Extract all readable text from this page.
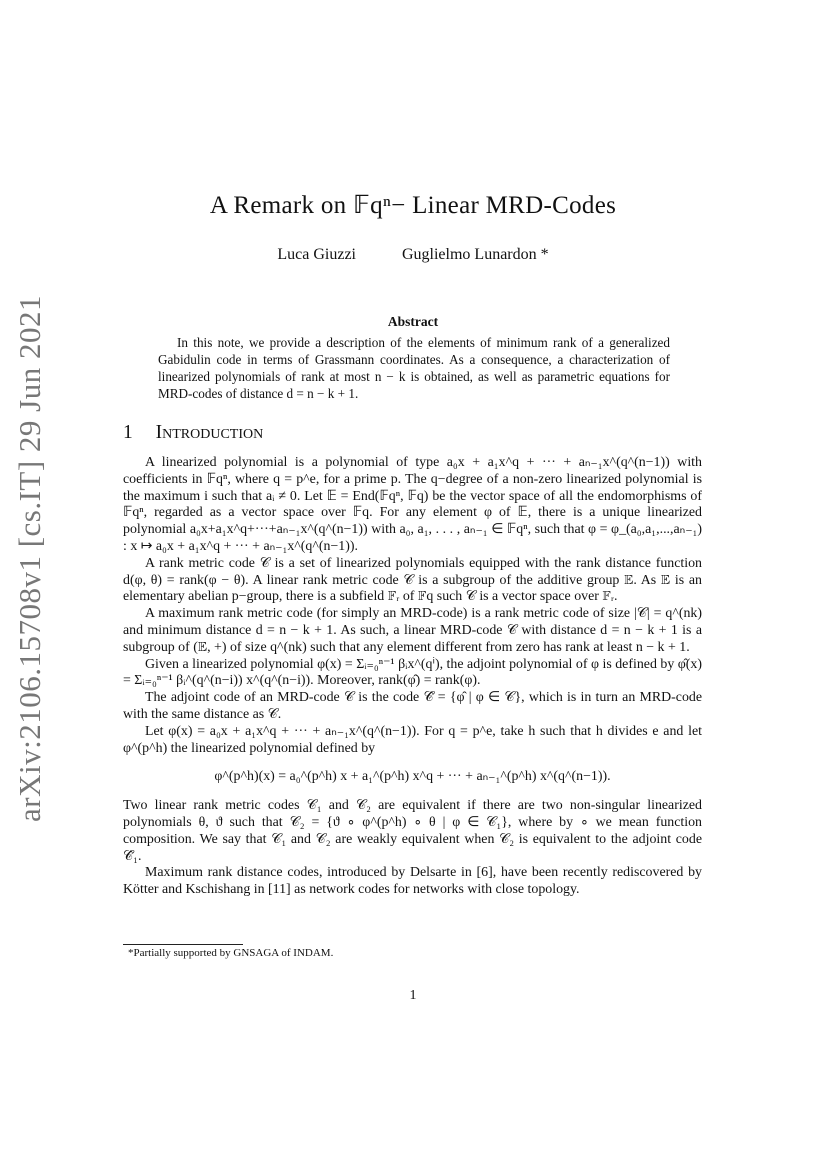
arXiv:2106.15708v1 [cs.IT] 29 Jun 2021
A Remark on 𝔽qⁿ− Linear MRD-Codes
Luca Giuzzi	Guglielmo Lunardon *
Abstract

In this note, we provide a description of the elements of minimum rank of a generalized Gabidulin code in terms of Grassmann coordinates. As a consequence, a characterization of linearized polynomials of rank at most n − k is obtained, as well as parametric equations for MRD-codes of distance d = n − k + 1.

1 Introduction

A linearized polynomial is a polynomial of type a₀x + a₁x^q + ··· + aₙ₋₁x^(q^(n−1)) with coefficients in 𝔽qⁿ, where q = p^e, for a prime p. The q−degree of a non-zero linearized polynomial is the maximum i such that aᵢ ≠ 0. Let 𝔼 = End(𝔽qⁿ, 𝔽q) be the vector space of all the endomorphisms of 𝔽qⁿ, regarded as a vector space over 𝔽q. For any element φ of 𝔼, there is a unique linearized polynomial a₀x+a₁x^q+···+aₙ₋₁x^(q^(n−1)) with a₀, a₁, . . . , aₙ₋₁ ∈ 𝔽qⁿ, such that φ = φ_(a₀,a₁,...,aₙ₋₁) : x ↦ a₀x + a₁x^q + ··· + aₙ₋₁x^(q^(n−1)).

A rank metric code 𝒞 is a set of linearized polynomials equipped with the rank distance function d(φ, θ) = rank(φ − θ). A linear rank metric code 𝒞 is a subgroup of the additive group 𝔼. As 𝔼 is an elementary abelian p−group, there is a subfield 𝔽ᵣ of 𝔽q such 𝒞 is a vector space over 𝔽ᵣ.

A maximum rank metric code (for simply an MRD-code) is a rank metric code of size |𝒞| = q^(nk) and minimum distance d = n − k + 1. As such, a linear MRD-code 𝒞 with distance d = n − k + 1 is a subgroup of (𝔼, +) of size q^(nk) such that any element different from zero has rank at least n − k + 1.

Given a linearized polynomial φ(x) = Σᵢ₌₀ⁿ⁻¹ βᵢx^(qⁱ), the adjoint polynomial of φ is defined by φ̂(x) = Σᵢ₌₀ⁿ⁻¹ βᵢ^(q^(n−i)) x^(q^(n−i)). Moreover, rank(φ̂) = rank(φ).

The adjoint code of an MRD-code 𝒞 is the code 𝒞̂ = {φ̂ | φ ∈ 𝒞}, which is in turn an MRD-code with the same distance as 𝒞.

Let φ(x) = a₀x + a₁x^q + ··· + aₙ₋₁x^(q^(n−1)). For q = p^e, take h such that h divides e and let φ^(p^h) the linearized polynomial defined by

φ^(p^h)(x) = a₀^(p^h) x + a₁^(p^h) x^q + ··· + aₙ₋₁^(p^h) x^(q^(n−1)).

Two linear rank metric codes 𝒞₁ and 𝒞₂ are equivalent if there are two non-singular linearized polynomials θ, ϑ such that 𝒞₂ = {ϑ ∘ φ^(p^h) ∘ θ | φ ∈ 𝒞₁}, where by ∘ we mean function composition. We say that 𝒞₁ and 𝒞₂ are weakly equivalent when 𝒞₂ is equivalent to the adjoint code 𝒞̂₁.

Maximum rank distance codes, introduced by Delsarte in [6], have been recently rediscovered by Kötter and Kschishang in [11] as network codes for networks with close topology.

*Partially supported by GNSAGA of INDAM.
1
